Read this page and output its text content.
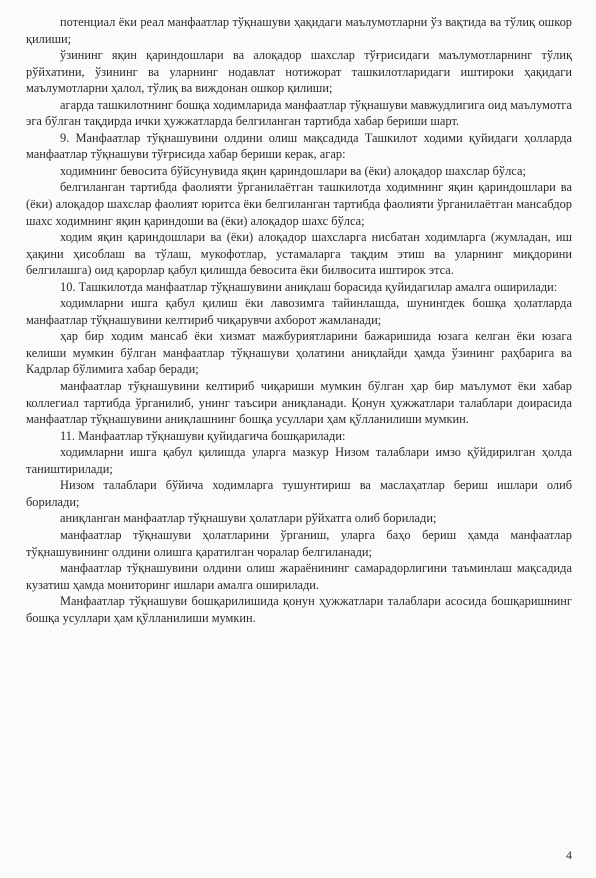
потенциал ёки реал манфаатлар тўқнашуви ҳақидаги маълумотларни ўз вақтида ва тўлиқ ошкор қилиши;

ўзининг яқин қариндошлари ва алоқадор шахслар тўғрисидаги маълумотларнинг тўлиқ рўйхатини, ўзининг ва уларнинг нодавлат нотижорат ташкилотларидаги иштироки ҳақидаги маълумотларни ҳалол, тўлиқ ва виждонан ошкор қилиши;

агарда ташкилотнинг бошқа ходимларида манфаатлар тўқнашуви мавжудлигига оид маълумотга эга бўлган тақдирда ички ҳужжатларда белгиланган тартибда хабар бериши шарт.

9. Манфаатлар тўқнашувини олдини олиш мақсадида Ташкилот ходими қуйидаги ҳолларда манфаатлар тўқнашуви тўғрисида хабар бериши керак, агар:

ходимнинг бевосита бўйсунувида яқин қариндошлари ва (ёки) алоқадор шахслар бўлса;

белгиланган тартибда фаолияти ўрганилаётган ташкилотда ходимнинг яқин қариндошлари ва (ёки) алоқадор шахслар фаолият юритса ёки белгиланган тартибда фаолияти ўрганилаётган мансабдор шахс ходимнинг яқин қариндоши ва (ёки) алоқадор шахс бўлса;

ходим яқин қариндошлари ва (ёки) алоқадор шахсларга нисбатан ходимларга (жумладан, иш ҳақини ҳисоблаш ва тўлаш, мукофотлар, устамаларга тақдим этиш ва уларнинг миқдорини белгилашга) оид қарорлар қабул қилишда бевосита ёки билвосита иштирок этса.

10. Ташкилотда манфаатлар тўқнашувини аниқлаш борасида қуйидагилар амалга оширилади:

ходимларни ишга қабул қилиш ёки лавозимга тайинлашда, шунингдек бошқа ҳолатларда манфаатлар тўқнашувини келтириб чиқарувчи ахборот жамланади;

ҳар бир ходим мансаб ёки хизмат мажбуриятларини бажаришида юзага келган ёки юзага келиши мумкин бўлган манфаатлар тўқнашуви ҳолатини аниқлайди ҳамда ўзининг раҳбарига ва Кадрлар бўлимига хабар беради;

манфаатлар тўқнашувини келтириб чиқариши мумкин бўлган ҳар бир маълумот ёки хабар коллегиал тартибда ўрганилиб, унинг таъсири аниқланади. Қонун ҳужжатлари талаблари доирасида манфаатлар тўқнашувини аниқлашнинг бошқа усуллари ҳам қўлланилиши мумкин.

11. Манфаатлар тўқнашуви қуйидагича бошқарилади:

ходимларни ишга қабул қилишда уларга мазкур Низом талаблари имзо қўйдирилган ҳолда таништирилади;

Низом талаблари бўйича ходимларга тушунтириш ва маслаҳатлар бериш ишлари олиб борилади;

аниқланган манфаатлар тўқнашуви ҳолатлари рўйхатга олиб борилади;

манфаатлар тўқнашуви ҳолатларини ўрганиш, уларга баҳо бериш ҳамда манфаатлар тўқнашувининг олдини олишга қаратилган чоралар белгиланади;

манфаатлар тўқнашувини олдини олиш жараёнининг самарадорлигини таъминлаш мақсадида кузатиш ҳамда мониторинг ишлари амалга оширилади.

Манфаатлар тўқнашуви бошқарилишида қонун ҳужжатлари талаблари асосида бошқаришнинг бошқа усуллари ҳам қўлланилиши мумкин.

4
